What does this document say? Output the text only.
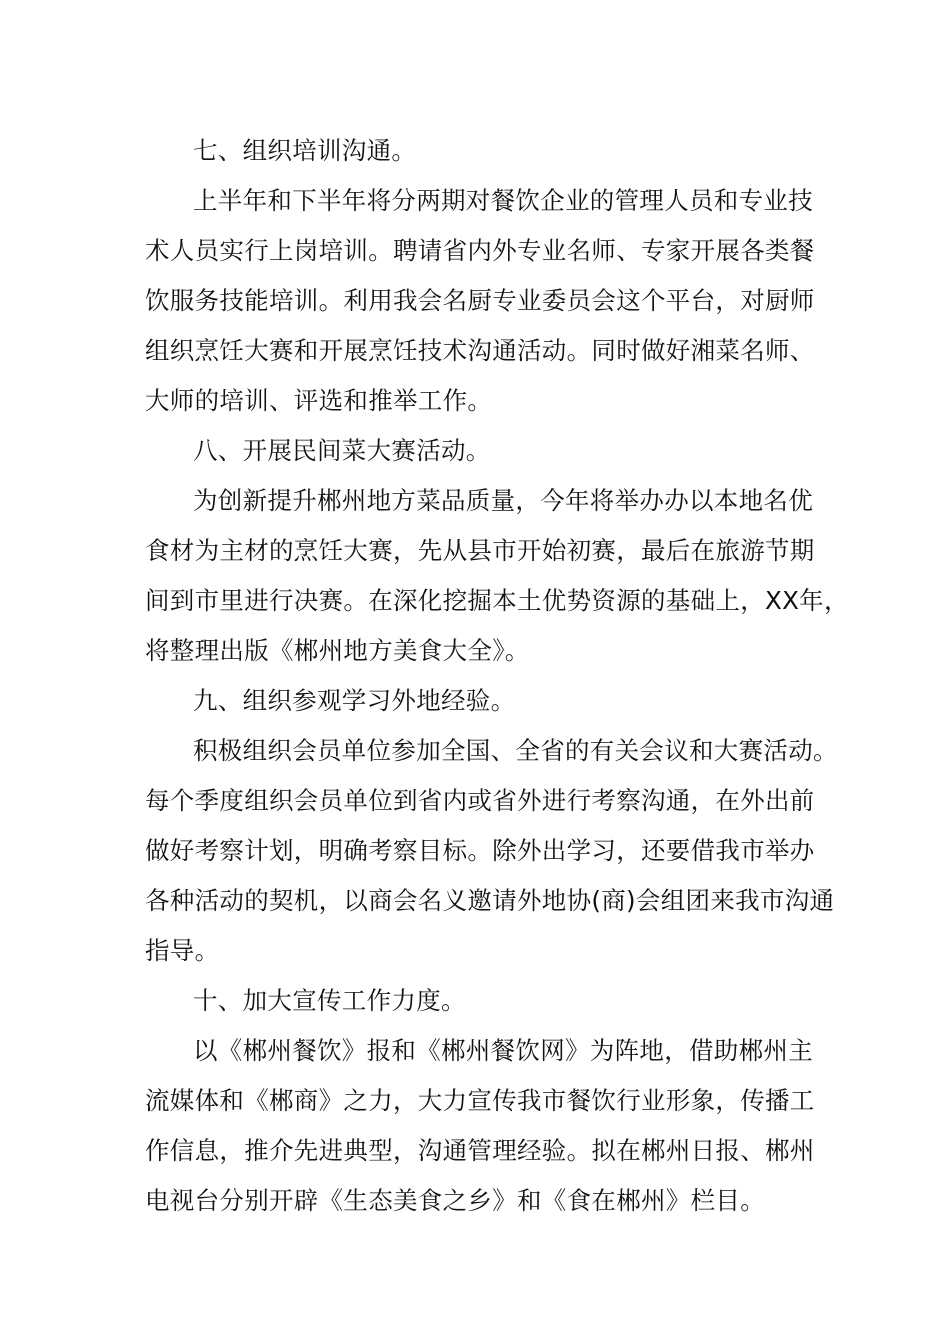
七、组织培训沟通。
上半年和下半年将分两期对餐饮企业的管理人员和专业技
术人员实行上岗培训。聘请省内外专业名师、专家开展各类餐
饮服务技能培训。利用我会名厨专业委员会这个平台，对厨师
组织烹饪大赛和开展烹饪技术沟通活动。同时做好湘菜名师、
大师的培训、评选和推举工作。
八、开展民间菜大赛活动。
为创新提升郴州地方菜品质量，今年将举办办以本地名优
食材为主材的烹饪大赛，先从县市开始初赛，最后在旅游节期
间到市里进行决赛。在深化挖掘本土优势资源的基础上，XX年，
将整理出版《郴州地方美食大全》。
九、组织参观学习外地经验。
积极组织会员单位参加全国、全省的有关会议和大赛活动。
每个季度组织会员单位到省内或省外进行考察沟通，在外出前
做好考察计划，明确考察目标。除外出学习，还要借我市举办
各种活动的契机，以商会名义邀请外地协(商)会组团来我市沟通
指导。
十、加大宣传工作力度。
以《郴州餐饮》报和《郴州餐饮网》为阵地，借助郴州主
流媒体和《郴商》之力，大力宣传我市餐饮行业形象，传播工
作信息，推介先进典型，沟通管理经验。拟在郴州日报、郴州
电视台分别开辟《生态美食之乡》和《食在郴州》栏目。
